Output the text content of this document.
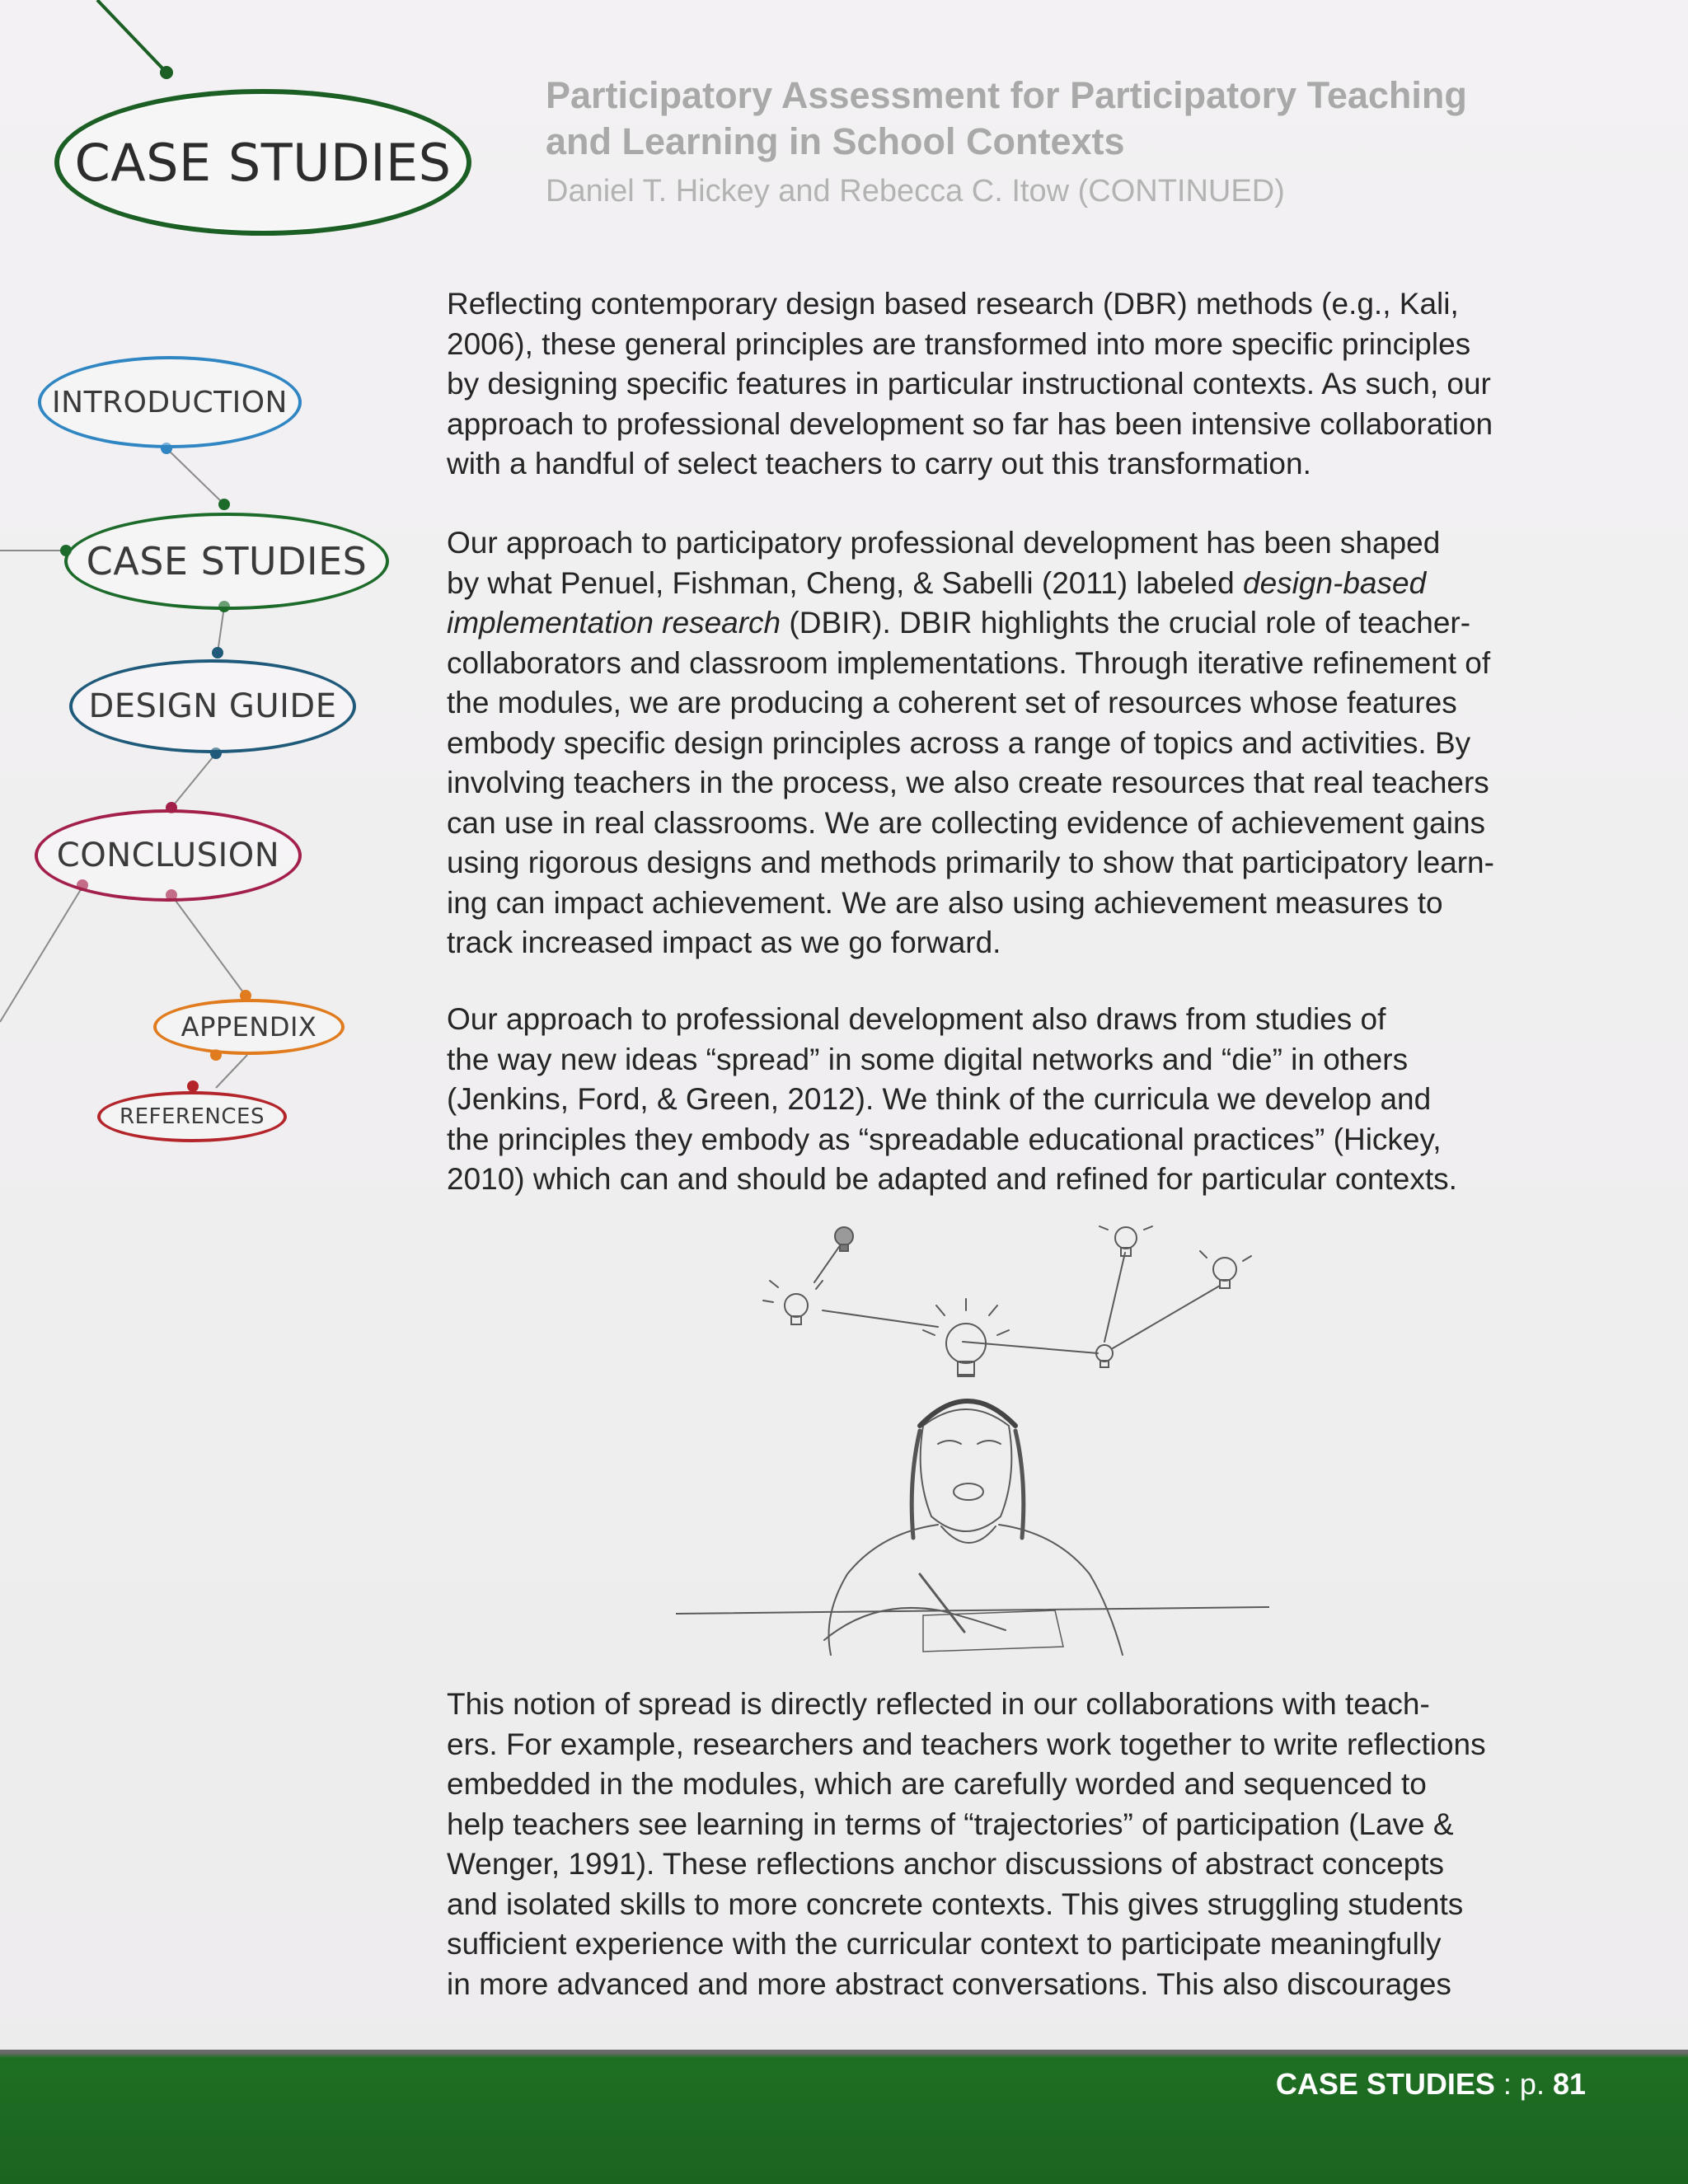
CASE STUDIES
INTRODUCTION
CASE STUDIES
DESIGN GUIDE
CONCLUSION
APPENDIX
REFERENCES
Participatory Assessment for Participatory Teaching
and Learning in School Contexts
Daniel T. Hickey and Rebecca C. Itow (CONTINUED)

Reflecting contemporary design based research (DBR) methods (e.g., Kali,

2006), these general principles are transformed into more specific principles

by designing specific features in particular instructional contexts. As such, our

approach to professional development so far has been intensive collaboration

with a handful of select teachers to carry out this transformation.

Our approach to participatory professional development has been shaped

by what Penuel, Fishman, Cheng, & Sabelli (2011) labeled design-based

implementation research (DBIR). DBIR highlights the crucial role of teacher-

collaborators and classroom implementations. Through iterative refinement of

the modules, we are producing a coherent set of resources whose features

embody specific design principles across a range of topics and activities. By

involving teachers in the process, we also create resources that real teachers

can use in real classrooms. We are collecting evidence of achievement gains

using rigorous designs and methods primarily to show that participatory learn-

ing can impact achievement. We are also using achievement measures to

track increased impact as we go forward.

Our approach to professional development also draws from studies of

the way new ideas “spread” in some digital networks and “die” in others

(Jenkins, Ford, & Green, 2012). We think of the curricula we develop and

the principles they embody as “spreadable educational practices” (Hickey,

2010) which can and should be adapted and refined for particular contexts.

This notion of spread is directly reflected in our collaborations with teach-

ers. For example, researchers and teachers work together to write reflections

embedded in the modules, which are carefully worded and sequenced to

help teachers see learning in terms of “trajectories” of participation (Lave &

Wenger, 1991). These reflections anchor discussions of abstract concepts

and isolated skills to more concrete contexts. This gives struggling students

sufficient experience with the curricular context to participate meaningfully

in more advanced and more abstract conversations. This also discourages

CASE STUDIES : p. 81
